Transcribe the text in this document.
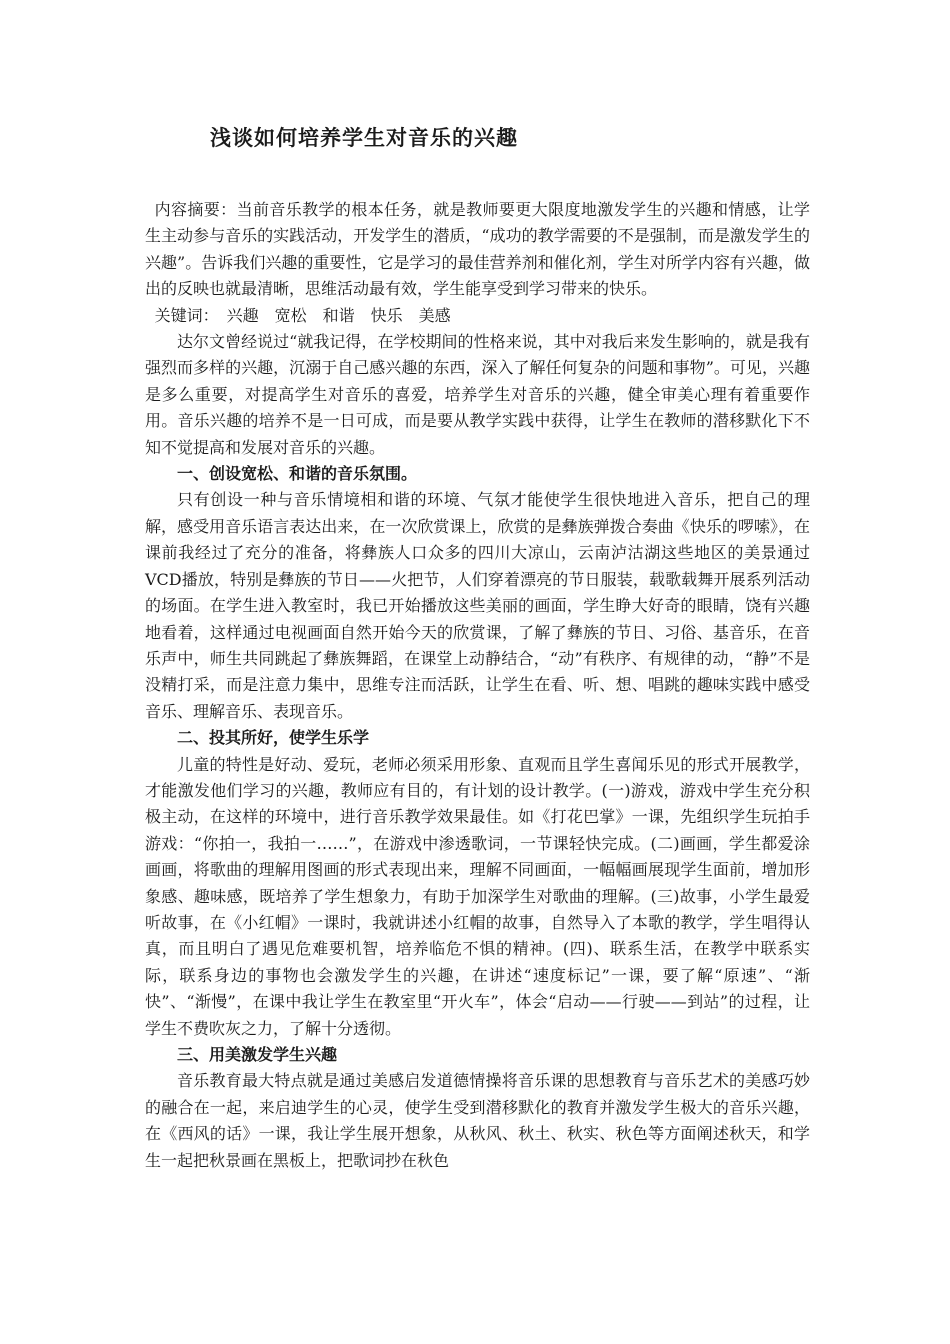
浅谈如何培养学生对音乐的兴趣

内容摘要：当前音乐教学的根本任务，就是教师要更大限度地激发学生的兴趣和情感，让学生主动参与音乐的实践活动，开发学生的潜质，“成功的教学需要的不是强制，而是激发学生的兴趣”。告诉我们兴趣的重要性，它是学习的最佳营养剂和催化剂，学生对所学内容有兴趣，做出的反映也就最清晰，思维活动最有效，学生能享受到学习带来的快乐。

关键词：　兴趣　宽松　和谐　快乐　美感

达尔文曾经说过“就我记得，在学校期间的性格来说，其中对我后来发生影响的，就是我有强烈而多样的兴趣，沉溺于自己感兴趣的东西，深入了解任何复杂的问题和事物”。可见，兴趣是多么重要，对提高学生对音乐的喜爱，培养学生对音乐的兴趣，健全审美心理有着重要作用。音乐兴趣的培养不是一日可成，而是要从教学实践中获得，让学生在教师的潜移默化下不知不觉提高和发展对音乐的兴趣。

一、创设宽松、和谐的音乐氛围。

只有创设一种与音乐情境相和谐的环境、气氛才能使学生很快地进入音乐，把自己的理解，感受用音乐语言表达出来，在一次欣赏课上，欣赏的是彝族弹拨合奏曲《快乐的啰嗦》，在课前我经过了充分的准备，将彝族人口众多的四川大凉山，云南泸沽湖这些地区的美景通过VCD播放，特别是彝族的节日——火把节，人们穿着漂亮的节日服装，载歌载舞开展系列活动的场面。在学生进入教室时，我已开始播放这些美丽的画面，学生睁大好奇的眼睛，饶有兴趣地看着，这样通过电视画面自然开始今天的欣赏课，了解了彝族的节日、习俗、基音乐，在音乐声中，师生共同跳起了彝族舞蹈，在课堂上动静结合，“动”有秩序、有规律的动，“静”不是没精打采，而是注意力集中，思维专注而活跃，让学生在看、听、想、唱跳的趣味实践中感受音乐、理解音乐、表现音乐。

二、投其所好，使学生乐学

儿童的特性是好动、爱玩，老师必须采用形象、直观而且学生喜闻乐见的形式开展教学，才能激发他们学习的兴趣，教师应有目的，有计划的设计教学。(一)游戏，游戏中学生充分积极主动，在这样的环境中，进行音乐教学效果最佳。如《打花巴掌》一课，先组织学生玩拍手游戏：“你拍一，我拍一……”，在游戏中渗透歌词，一节课轻快完成。(二)画画，学生都爱涂画画，将歌曲的理解用图画的形式表现出来，理解不同画面，一幅幅画展现学生面前，增加形象感、趣味感，既培养了学生想象力，有助于加深学生对歌曲的理解。(三)故事，小学生最爱听故事，在《小红帽》一课时，我就讲述小红帽的故事，自然导入了本歌的教学，学生唱得认真，而且明白了遇见危难要机智，培养临危不惧的精神。(四)、联系生活，在教学中联系实际，联系身边的事物也会激发学生的兴趣，在讲述“速度标记”一课，要了解“原速”、“渐快”、“渐慢”，在课中我让学生在教室里“开火车”，体会“启动——行驶——到站”的过程，让学生不费吹灰之力，了解十分透彻。

三、用美激发学生兴趣

音乐教育最大特点就是通过美感启发道德情操将音乐课的思想教育与音乐艺术的美感巧妙的融合在一起，来启迪学生的心灵，使学生受到潜移默化的教育并激发学生极大的音乐兴趣，在《西风的话》一课，我让学生展开想象，从秋风、秋土、秋实、秋色等方面阐述秋天，和学生一起把秋景画在黑板上，把歌词抄在秋色
